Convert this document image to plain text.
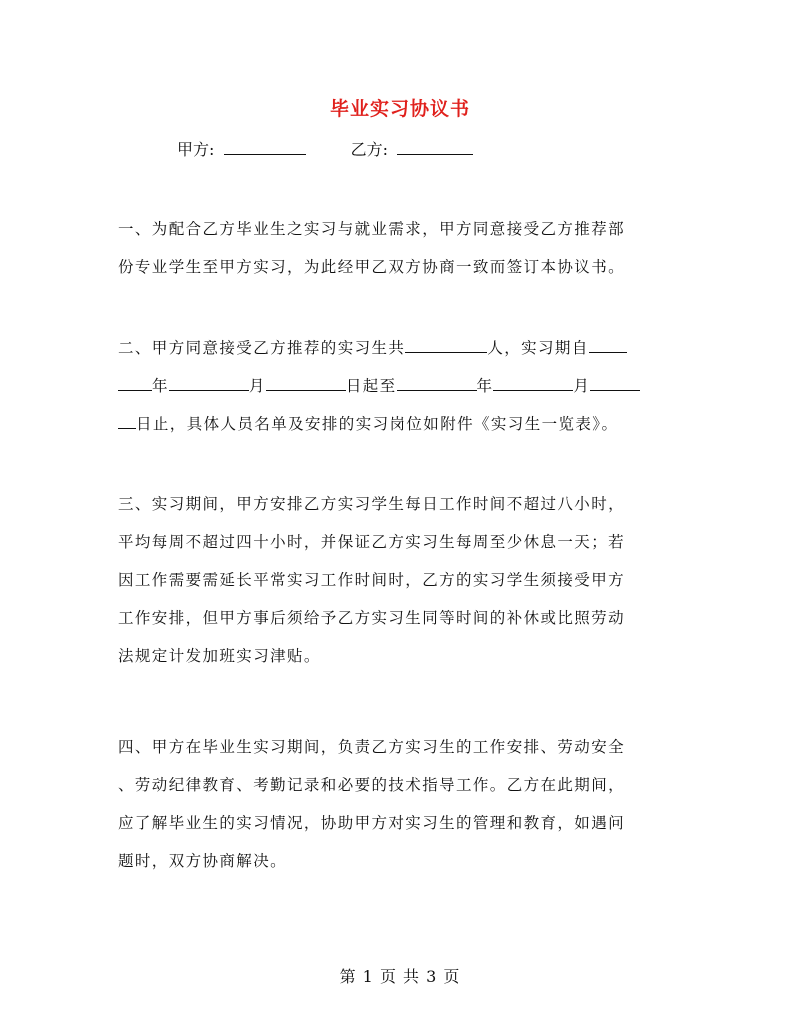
毕业实习协议书
甲方:	乙方:
一、为配合乙方毕业生之实习与就业需求，甲方同意接受乙方推荐部
份专业学生至甲方实习，为此经甲乙双方协商一致而签订本协议书。
二、甲方同意接受乙方推荐的实习生共	人，实习期自
年	月	日起至	年	月
日止，具体人员名单及安排的实习岗位如附件《实习生一览表》。
三、实习期间，甲方安排乙方实习学生每日工作时间不超过八小时，
平均每周不超过四十小时，并保证乙方实习生每周至少休息一天；若
因工作需要需延长平常实习工作时间时，乙方的实习学生须接受甲方
工作安排，但甲方事后须给予乙方实习生同等时间的补休或比照劳动
法规定计发加班实习津贴。
四、甲方在毕业生实习期间，负责乙方实习生的工作安排、劳动安全
、劳动纪律教育、考勤记录和必要的技术指导工作。乙方在此期间，
应了解毕业生的实习情况，协助甲方对实习生的管理和教育，如遇问
题时，双方协商解决。
第 1 页 共 3 页
